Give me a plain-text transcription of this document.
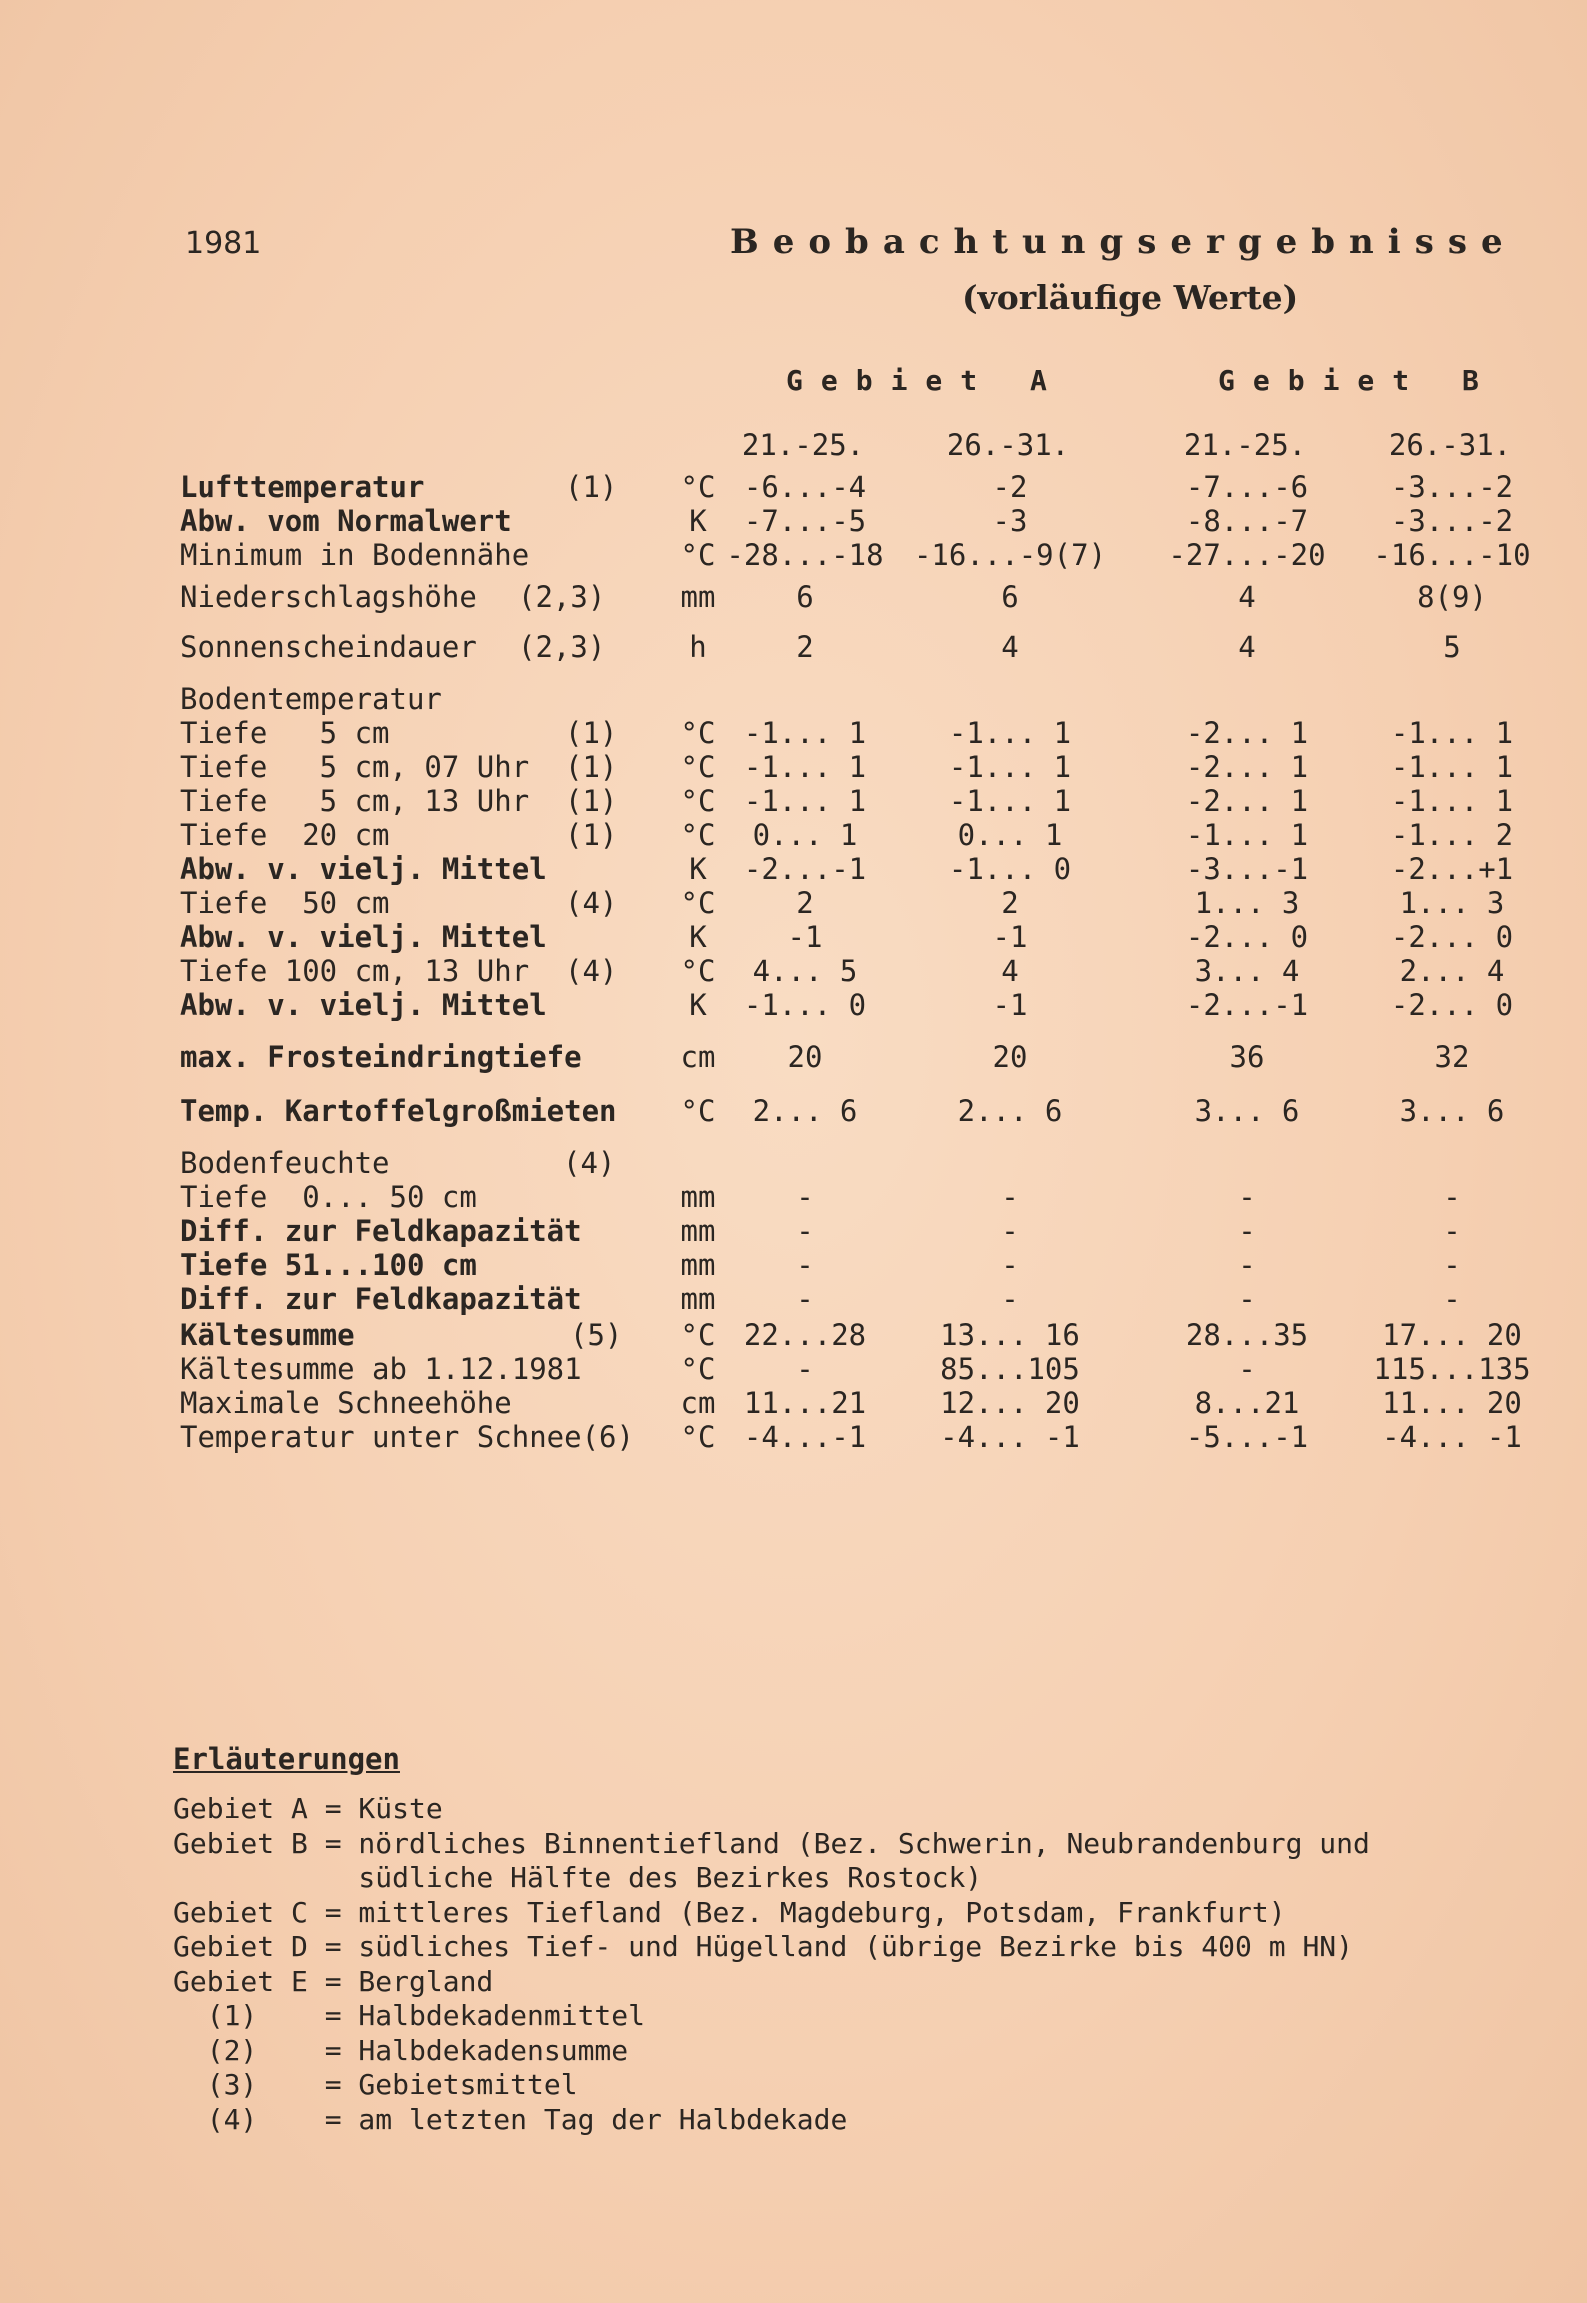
1981	Beobachtungsergebnisse
(vorläufige Werte)
Gebiet A	Gebiet B
21.-25.	26.-31.	21.-25.	26.-31.
Lufttemperatur	(1)	°C -6...-4	-2	-7...-6	-3...-2
Abw. vom Normalwert	K	-7...-5	-3	-8...-7	-3...-2
Minimum in Bodennähe	°C -28...-18	-16...-9(7)	-27...-20	-16...-10
Niederschlagshöhe (2,3)	mm	6	6	4	8(9)
Sonnenscheindauer (2,3)	h	2	4	4	5
Bodentemperatur
Tiefe   5 cm	(1)	°C -1... 1	-1... 1	-2... 1	-1... 1
Tiefe   5 cm, 07 Uhr (1)	°C -1... 1	-1... 1	-2... 1	-1... 1
Tiefe   5 cm, 13 Uhr (1)	°C -1... 1	-1... 1	-2... 1	-1... 1
Tiefe  20 cm	(1)	°C	0... 1	0... 1	-1... 1	-1... 2
Abw. v. vielj. Mittel	K	-2...-1	-1... 0	-3...-1	-2...+1
Tiefe  50 cm	(4)	°C	2	2	1... 3	1... 3
Abw. v. vielj. Mittel	K	-1	-1	-2... 0	-2... 0
Tiefe 100 cm, 13 Uhr (4)	°C	4... 5	4	3... 4	2... 4
Abw. v. vielj. Mittel	K	-1... 0	-1	-2...-1	-2... 0
max. Frosteindringtiefe	cm	20	20	36	32
Temp. Kartoffelgroßmieten	°C	2... 6	2... 6	3... 6	3... 6
Bodenfeuchte	(4)
Tiefe  0... 50 cm	mm	-	-	-	-
Diff. zur Feldkapazität	mm	-	-	-	-
Tiefe 51...100 cm	mm	-	-	-	-
Diff. zur Feldkapazität	mm	-	-	-	-
Kältesumme	(5)	°C 22...28	13... 16	28...35	17... 20
Kältesumme ab 1.12.1981	°C	-	85...105	-	115...135
Maximale Schneehöhe	cm 11...21	12... 20	8...21	11... 20
Temperatur unter Schnee(6)	°C -4...-1	-4... -1	-5...-1	-4... -1
Erläuterungen
Gebiet A = Küste
Gebiet B = nördliches Binnentiefland (Bez. Schwerin, Neubrandenburg und
südliche Hälfte des Bezirkes Rostock)
Gebiet C = mittleres Tiefland (Bez. Magdeburg, Potsdam, Frankfurt)
Gebiet D = südliches Tief- und Hügelland (übrige Bezirke bis 400 m HN)
Gebiet E = Bergland
(1)    = Halbdekadenmittel
(2)    = Halbdekadensumme
(3)    = Gebietsmittel
(4)    = am letzten Tag der Halbdekade
